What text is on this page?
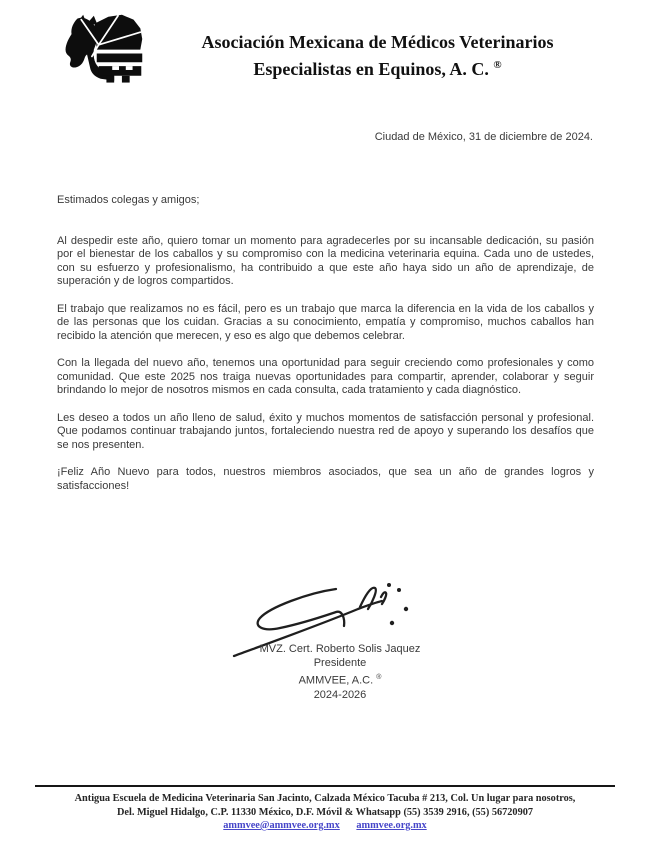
Asociación Mexicana de Médicos Veterinarios
Especialistas en Equinos, A. C. ®
Ciudad de México, 31 de diciembre de 2024.

Estimados colegas y amigos;

Al despedir este año, quiero tomar un momento para agradecerles por su incansable dedicación, su pasión por el bienestar de los caballos y su compromiso con la medicina veterinaria equina. Cada uno de ustedes, con su esfuerzo y profesionalismo, ha contribuido a que este año haya sido un año de aprendizaje, de superación y de logros compartidos.

El trabajo que realizamos no es fácil, pero es un trabajo que marca la diferencia en la vida de los caballos y de las personas que los cuidan. Gracias a su conocimiento, empatía y compromiso, muchos caballos han recibido la atención que merecen, y eso es algo que debemos celebrar.

Con la llegada del nuevo año, tenemos una oportunidad para seguir creciendo como profesionales y como comunidad. Que este 2025 nos traiga nuevas oportunidades para compartir, aprender, colaborar y seguir brindando lo mejor de nosotros mismos en cada consulta, cada tratamiento y cada diagnóstico.

Les deseo a todos un año lleno de salud, éxito y muchos momentos de satisfacción personal y profesional. Que podamos continuar trabajando juntos, fortaleciendo nuestra red de apoyo y superando los desafíos que se nos presenten.

¡Feliz Año Nuevo para todos, nuestros miembros asociados, que sea un año de grandes logros y satisfacciones!

MVZ. Cert. Roberto Solis Jaquez
Presidente
AMMVEE, A.C. ®
2024-2026
Antigua Escuela de Medicina Veterinaria San Jacinto, Calzada México Tacuba # 213, Col. Un lugar para nosotros,
Del. Miguel Hidalgo, C.P. 11330 México, D.F. Móvil & Whatsapp (55) 3539 2916, (55) 56720907
ammvee@ammvee.org.mx ammvee.org.mx
